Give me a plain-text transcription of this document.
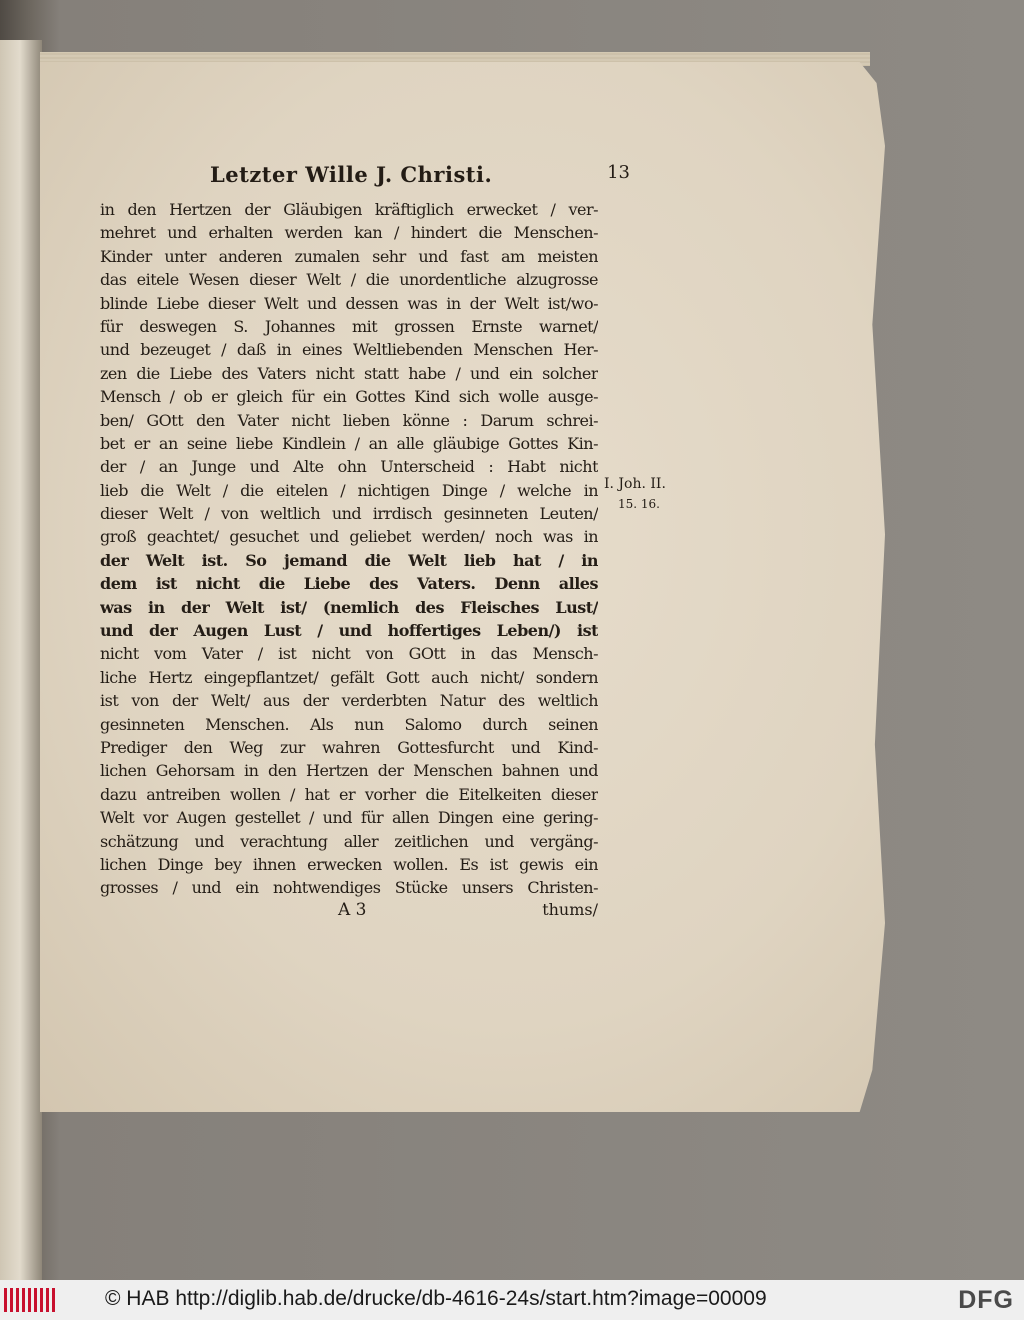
Letzter Wille J. Christi.	13
in den Hertzen der Gläubigen kräftiglich erwecket / ver-
mehret und erhalten werden kan / hindert die Menschen-
Kinder unter anderen zumalen sehr und fast am meisten
das eitele Wesen dieser Welt / die unordentliche alzugrosse
blinde Liebe dieser Welt und dessen was in der Welt ist/wo-
für deswegen S. Johannes mit grossen Ernste warnet/
und bezeuget / daß in eines Weltliebenden Menschen Her-
zen die Liebe des Vaters nicht statt habe / und ein solcher
Mensch / ob er gleich für ein Gottes Kind sich wolle ausge-
ben/ GOtt den Vater nicht lieben könne : Darum schrei-
bet er an seine liebe Kindlein / an alle gläubige Gottes Kin-
der / an Junge und Alte ohn Unterscheid : Habt nicht
lieb die Welt / die eitelen / nichtigen Dinge / welche in
dieser Welt / von weltlich und irrdisch gesinneten Leuten/
groß geachtet/ gesuchet und geliebet werden/ noch was in
der Welt ist. So jemand die Welt lieb hat / in
dem ist nicht die Liebe des Vaters. Denn alles
was in der Welt ist/ (nemlich des Fleisches Lust/
und der Augen Lust / und hoffertiges Leben/) ist
nicht vom Vater / ist nicht von GOtt in das Mensch-
liche Hertz eingepflantzet/ gefält Gott auch nicht/ sondern
ist von der Welt/ aus der verderbten Natur des weltlich
gesinneten Menschen. Als nun Salomo durch seinen
Prediger den Weg zur wahren Gottesfurcht und Kind-
lichen Gehorsam in den Hertzen der Menschen bahnen und
dazu antreiben wollen / hat er vorher die Eitelkeiten dieser
Welt vor Augen gestellet / und für allen Dingen eine gering-
schätzung und verachtung aller zeitlichen und vergäng-
lichen Dinge bey ihnen erwecken wollen. Es ist gewis ein
grosses / und ein nohtwendiges Stücke unsers Christen-
A 3	thums/
I. Joh. II.
15. 16.
© HAB http://diglib.hab.de/drucke/db-4616-24s/start.htm?image=00009	DFG
